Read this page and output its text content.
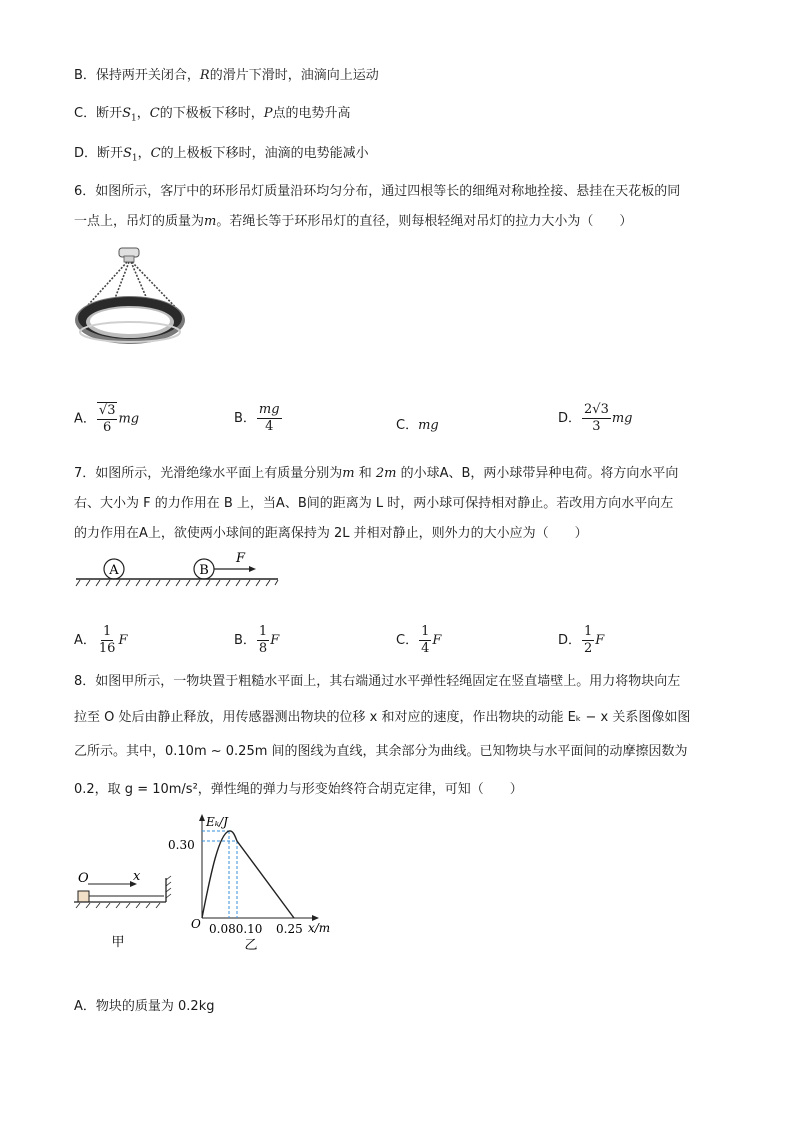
B．保持两开关闭合，R的滑片下滑时，油滴向上运动
C．断开$S_1$，C的下极板下移时，P点的电势升高
D．断开$S_1$，C的上极板下移时，油滴的电势能减小
6．如图所示，客厅中的环形吊灯质量沿环均匀分布，通过四根等长的细绳对称地拴接、悬挂在天花板的同
一点上，吊灯的质量为m。若绳长等于环形吊灯的直径，则每根轻绳对吊灯的拉力大小为（　　）
A． $\frac{√3}{6}$ mg	B． $\frac{mg}{4}$	C．mg	D． $\frac{2√3}{3}$ mg
7．如图所示，光滑绝缘水平面上有质量分别为m 和 2m 的小球A、B，两小球带异种电荷。将方向水平向
右、大小为 F 的力作用在 B 上，当A、B间的距离为 L 时，两小球可保持相对静止。若改用方向水平向左
的力作用在A上，欲使两小球间的距离保持为 2L 并相对静止，则外力的大小应为（　　）
A	B
F
A． $\frac{1}{16}$ F	B． $\frac{1}{8}$ F	C． $\frac{1}{4}$ F	D． $\frac{1}{2}$ F
8．如图甲所示，一物块置于粗糙水平面上，其右端通过水平弹性轻绳固定在竖直墙壁上。用力将物块向左
拉至 O 处后由静止释放，用传感器测出物块的位移 x 和对应的速度，作出物块的动能 Eₖ − x 关系图像如图
乙所示。其中，0.10m ~ 0.25m 间的图线为直线，其余部分为曲线。已知物块与水平面间的动摩擦因数为
0.2，取 g = 10m/s²，弹性绳的弹力与形变始终符合胡克定律，可知（　　）
O	x
甲
Eₖ/J
0.30
O 0.080.10 0.25 x/m
乙
A．物块的质量为 0.2kg
